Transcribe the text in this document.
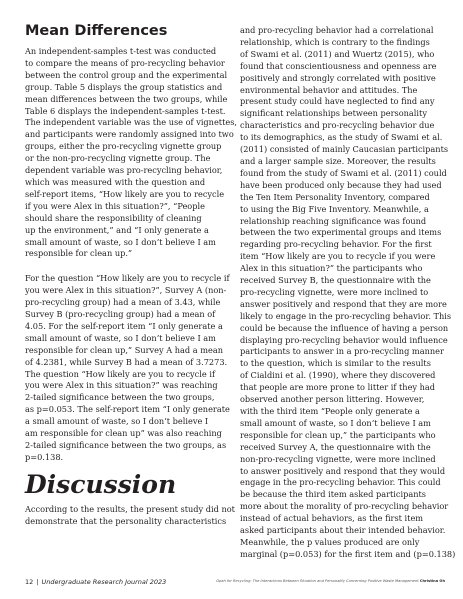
Mean Differences

An independent-samples t-test was conducted

to compare the means of pro-recycling behavior

between the control group and the experimental

group. Table 5 displays the group statistics and

mean differences between the two groups, while

Table 6 displays the independent-samples t-test.

The independent variable was the use of vignettes,

and participants were randomly assigned into two

groups, either the pro-recycling vignette group

or the non-pro-recycling vignette group. The

dependent variable was pro-recycling behavior,

which was measured with the question and

self-report items, “How likely are you to recycle

if you were Alex in this situation?”, “People

should share the responsibility of cleaning

up the environment,” and “I only generate a

small amount of waste, so I don’t believe I am

responsible for clean up.”

For the question “How likely are you to recycle if

you were Alex in this situation?”, Survey A (non-

pro-recycling group) had a mean of 3.43, while

Survey B (pro-recycling group) had a mean of

4.05. For the self-report item “I only generate a

small amount of waste, so I don’t believe I am

responsible for clean up,” Survey A had a mean

of 4.2381, while Survey B had a mean of 3.7273.

The question “How likely are you to recycle if

you were Alex in this situation?” was reaching

2-tailed significance between the two groups,

as p=0.053. The self-report item “I only generate

a small amount of waste, so I don’t believe I

am responsible for clean up” was also reaching

2-tailed significance between the two groups, as

p=0.138.

Discussion

According to the results, the present study did not

demonstrate that the personality characteristics

and pro-recycling behavior had a correlational

relationship, which is contrary to the findings

of Swami et al. (2011) and Wuertz (2015), who

found that conscientiousness and openness are

positively and strongly correlated with positive

environmental behavior and attitudes. The

present study could have neglected to find any

significant relationships between personality

characteristics and pro-recycling behavior due

to its demographics, as the study of Swami et al.

(2011) consisted of mainly Caucasian participants

and a larger sample size. Moreover, the results

found from the study of Swami et al. (2011) could

have been produced only because they had used

the Ten Item Personality Inventory, compared

to using the Big Five Inventory. Meanwhile, a

relationship reaching significance was found

between the two experimental groups and items

regarding pro-recycling behavior. For the first

item “How likely are you to recycle if you were

Alex in this situation?” the participants who

received Survey B, the questionnaire with the

pro-recycling vignette, were more inclined to

answer positively and respond that they are more

likely to engage in the pro-recycling behavior. This

could be because the influence of having a person

displaying pro-recycling behavior would influence

participants to answer in a pro-recycling manner

to the question, which is similar to the results

of Cialdini et al. (1990), where they discovered

that people are more prone to litter if they had

observed another person littering. However,

with the third item “People only generate a

small amount of waste, so I don’t believe I am

responsible for clean up,” the participants who

received Survey A, the questionnaire with the

non-pro-recycling vignette, were more inclined

to answer positively and respond that they would

engage in the pro-recycling behavior. This could

be because the third item asked participants

more about the morality of pro-recycling behavior

instead of actual behaviors, as the first item

asked participants about their intended behavior.

Meanwhile, the p values produced are only

marginal (p=0.053) for the first item and (p=0.138)

12 | Undergraduate Research Journal 2023	Opah for Recycling: The Interactions Between Situation and Personality Concerning Positive Waste Management Christina Oh
